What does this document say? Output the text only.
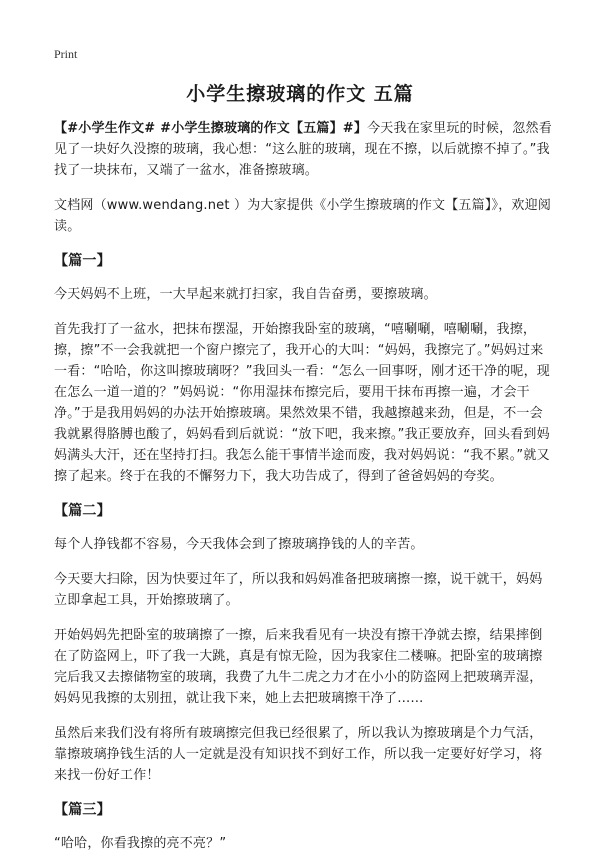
Print
小学生擦玻璃的作文 五篇

【#小学生作文# #小学生擦玻璃的作文【五篇】#】今天我在家里玩的时候，忽然看见了一块好久没擦的玻璃，我心想：“这么脏的玻璃，现在不擦，以后就擦不掉了。”我找了一块抹布，又端了一盆水，准备擦玻璃。

文档网（www.wendang.net ）为大家提供《小学生擦玻璃的作文【五篇】》，欢迎阅读。

【篇一】

今天妈妈不上班，一大早起来就打扫家，我自告奋勇，要擦玻璃。

首先我打了一盆水，把抹布摆湿，开始擦我卧室的玻璃，“嘻唰唰，嘻唰唰，我擦，擦，擦”不一会我就把一个窗户擦完了，我开心的大叫：“妈妈，我擦完了。”妈妈过来一看：“哈哈，你这叫擦玻璃呀？”我回头一看：“怎么一回事呀，刚才还干净的呢，现在怎么一道一道的？”妈妈说：“你用湿抹布擦完后，要用干抹布再擦一遍，才会干净。”于是我用妈妈的办法开始擦玻璃。果然效果不错，我越擦越来劲，但是，不一会我就累得胳膊也酸了，妈妈看到后就说：“放下吧，我来擦。”我正要放弃，回头看到妈妈满头大汗，还在坚持打扫。我怎么能干事情半途而废，我对妈妈说：“我不累。”就又擦了起来。终于在我的不懈努力下，我大功告成了，得到了爸爸妈妈的夸奖。

【篇二】

每个人挣钱都不容易，今天我体会到了擦玻璃挣钱的人的辛苦。

今天要大扫除，因为快要过年了，所以我和妈妈准备把玻璃擦一擦，说干就干，妈妈立即拿起工具，开始擦玻璃了。

开始妈妈先把卧室的玻璃擦了一擦，后来我看见有一块没有擦干净就去擦，结果摔倒在了防盗网上，吓了我一大跳，真是有惊无险，因为我家住二楼嘛。把卧室的玻璃擦完后我又去擦储物室的玻璃，我费了九牛二虎之力才在小小的防盗网上把玻璃弄湿，妈妈见我擦的太别扭，就让我下来，她上去把玻璃擦干净了……

虽然后来我们没有将所有玻璃擦完但我已经很累了，所以我认为擦玻璃是个力气活，靠擦玻璃挣钱生活的人一定就是没有知识找不到好工作，所以我一定要好好学习，将来找一份好工作！

【篇三】

“哈哈，你看我擦的亮不亮？”
